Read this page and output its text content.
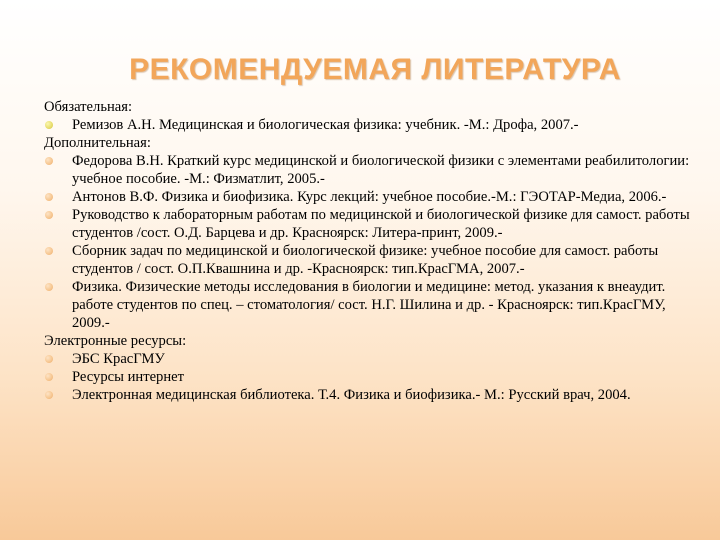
РЕКОМЕНДУЕМАЯ ЛИТЕРАТУРА
Обязательная:
Ремизов А.Н. Медицинская и биологическая физика: учебник. -М.: Дрофа, 2007.-
Дополнительная:
Федорова В.Н. Краткий курс медицинской и биологической физики с элементами реабилитологии: учебное пособие. -М.: Физматлит, 2005.-
Антонов В.Ф. Физика и биофизика. Курс лекций: учебное пособие.-М.: ГЭОТАР-Медиа, 2006.-
Руководство к лабораторным работам по медицинской и биологической физике для самост. работы студентов /сост. О.Д. Барцева и др. Красноярск: Литера-принт, 2009.-
Сборник задач по медицинской и биологической физике: учебное пособие для самост. работы студентов / сост. О.П.Квашнина и др. -Красноярск: тип.КрасГМА, 2007.-
Физика. Физические методы исследования в биологии и медицине: метод. указания к внеаудит. работе студентов по спец. – стоматология/ сост. Н.Г. Шилина и др. - Красноярск: тип.КрасГМУ, 2009.-
Электронные ресурсы:
ЭБС КрасГМУ
Ресурсы интернет
Электронная медицинская библиотека. Т.4. Физика и биофизика.- М.: Русский врач, 2004.
